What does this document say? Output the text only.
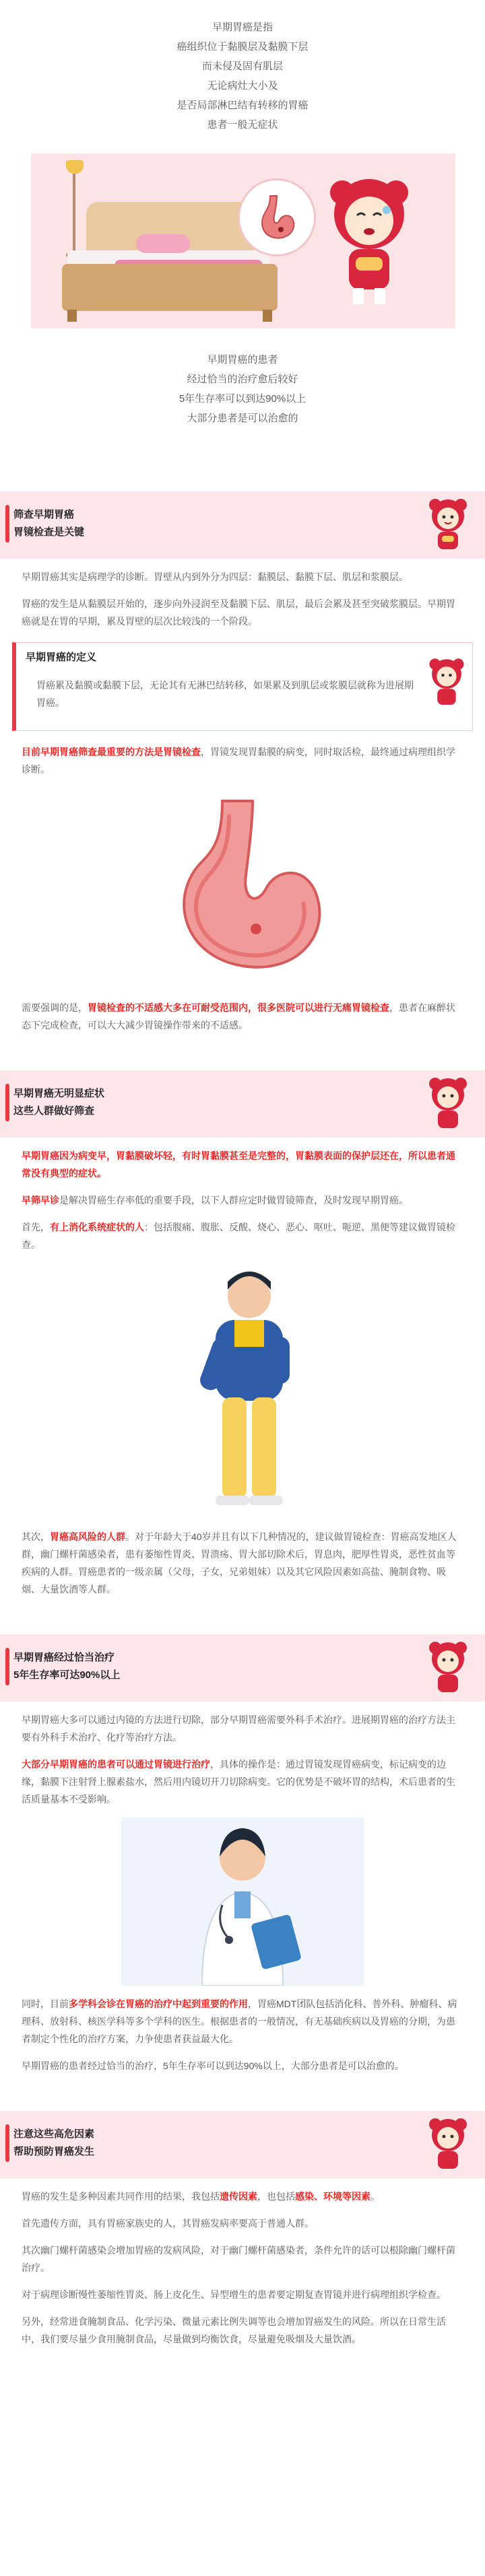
早期胃癌是指
癌组织位于黏膜层及黏膜下层
而未侵及固有肌层
无论病灶大小及
是否局部淋巴结有转移的胃癌
患者一般无症状
早期胃癌的患者
经过恰当的治疗愈后较好
5年生存率可以到达90%以上
大部分患者是可以治愈的
筛查早期胃癌
胃镜检查是关键

早期胃癌其实是病理学的诊断。胃壁从内到外分为四层：黏膜层、黏膜下层、肌层和浆膜层。

胃癌的发生是从黏膜层开始的，逐步向外浸润至及黏膜下层、肌层，最后会累及甚至突破浆膜层。早期胃癌就是在胃的早期，累及胃壁的层次比较浅的一个阶段。

早期胃癌的定义
胃癌累及黏膜或黏膜下层，无论其有无淋巴结转移，如果累及到肌层或浆膜层就称为进展期胃癌。

目前早期胃癌筛查最重要的方法是胃镜检查，胃镜发现胃黏膜的病变，同时取活检，最终通过病理组织学诊断。

需要强调的是，胃镜检查的不适感大多在可耐受范围内，很多医院可以进行无痛胃镜检查，患者在麻醉状态下完成检查，可以大大减少胃镜操作带来的不适感。

早期胃癌无明显症状
这些人群做好筛查

早期胃癌因为病变早，胃黏膜破坏轻，有时胃黏膜甚至是完整的，胃黏膜表面的保护层还在，所以患者通常没有典型的症状。

早筛早诊是解决胃癌生存率低的重要手段，以下人群应定时做胃镜筛查，及时发现早期胃癌。

首先，有上消化系统症状的人：包括腹痛、腹胀、反酸、烧心、恶心、呕吐、呃逆、黑便等建议做胃镜检查。

其次，胃癌高风险的人群。对于年龄大于40岁并且有以下几种情况的，建议做胃镜检查：胃癌高发地区人群，幽门螺杆菌感染者，患有萎缩性胃炎、胃溃疡、胃大部切除术后，胃息肉，肥厚性胃炎，恶性贫血等疾病的人群。胃癌患者的一级亲属（父母，子女，兄弟姐妹）以及其它风险因素如高盐、腌制食物、吸烟、大量饮酒等人群。

早期胃癌经过恰当治疗
5年生存率可达90%以上

早期胃癌大多可以通过内镜的方法进行切除，部分早期胃癌需要外科手术治疗。进展期胃癌的治疗方法主要有外科手术治疗、化疗等治疗方法。

大部分早期胃癌的患者可以通过胃镜进行治疗，具体的操作是：通过胃镜发现胃癌病变，标记病变的边缘，黏膜下注射肾上腺素盐水，然后用内镜切开刀切除病变。它的优势是不破坏胃的结构，术后患者的生活质量基本不受影响。

同时，目前多学科会诊在胃癌的治疗中起到重要的作用，胃癌MDT团队包括消化科、普外科、肿瘤科、病理科、放射科、核医学科等多个学科的医生。根据患者的一般情况，有无基础疾病以及胃癌的分期，为患者制定个性化的治疗方案，力争使患者获益最大化。

早期胃癌的患者经过恰当的治疗，5年生存率可以到达90%以上，大部分患者是可以治愈的。

注意这些高危因素
帮助预防胃癌发生

胃癌的发生是多种因素共同作用的结果，我包括遗传因素，也包括感染、环境等因素。

首先遗传方面，具有胃癌家族史的人，其胃癌发病率要高于普通人群。

其次幽门螺杆菌感染会增加胃癌的发病风险，对于幽门螺杆菌感染者，条件允许的话可以根除幽门螺杆菌治疗。

对于病理诊断慢性萎缩性胃炎、肠上皮化生、异型增生的患者要定期复查胃镜并进行病理组织学检查。

另外，经常进食腌制食品、化学污染、微量元素比例失调等也会增加胃癌发生的风险。所以在日常生活中，我们要尽量少食用腌制食品，尽量做到均衡饮食，尽量避免吸烟及大量饮酒。
